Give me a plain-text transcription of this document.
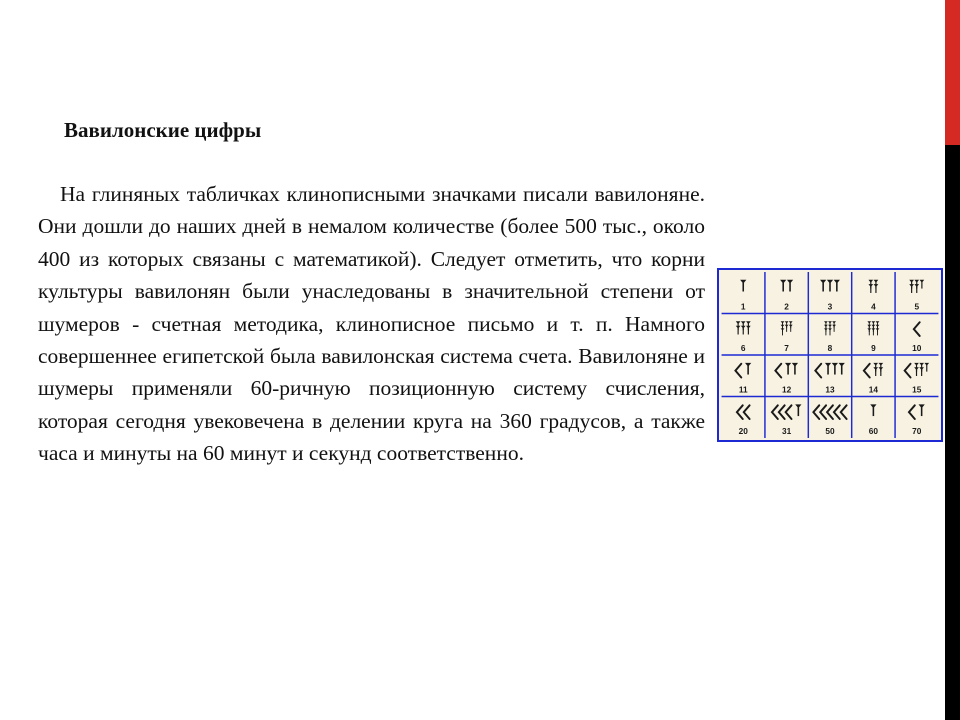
Вавилонские цифры
На глиняных табличках клинописными значками писали вавилоняне. Они дошли до наших дней в немалом количестве (более 500 тыс., около 400 из которых связаны с математикой). Следует отметить, что корни культуры вавилонян были унаследованы в значительной степени от шумеров - счетная методика, клинописное письмо и т. п. Намного совершеннее египетской была вавилонская система счета. Вавилоняне и шумеры применяли 60-ричную позиционную систему счисления, которая сегодня увековечена в делении круга на 360 градусов, а также часа и минуты на 60 минут и секунд соответственно.
1	2	3	4	5
6	7	8	9	10
11	12	13	14	15
20	31	50	60	70
